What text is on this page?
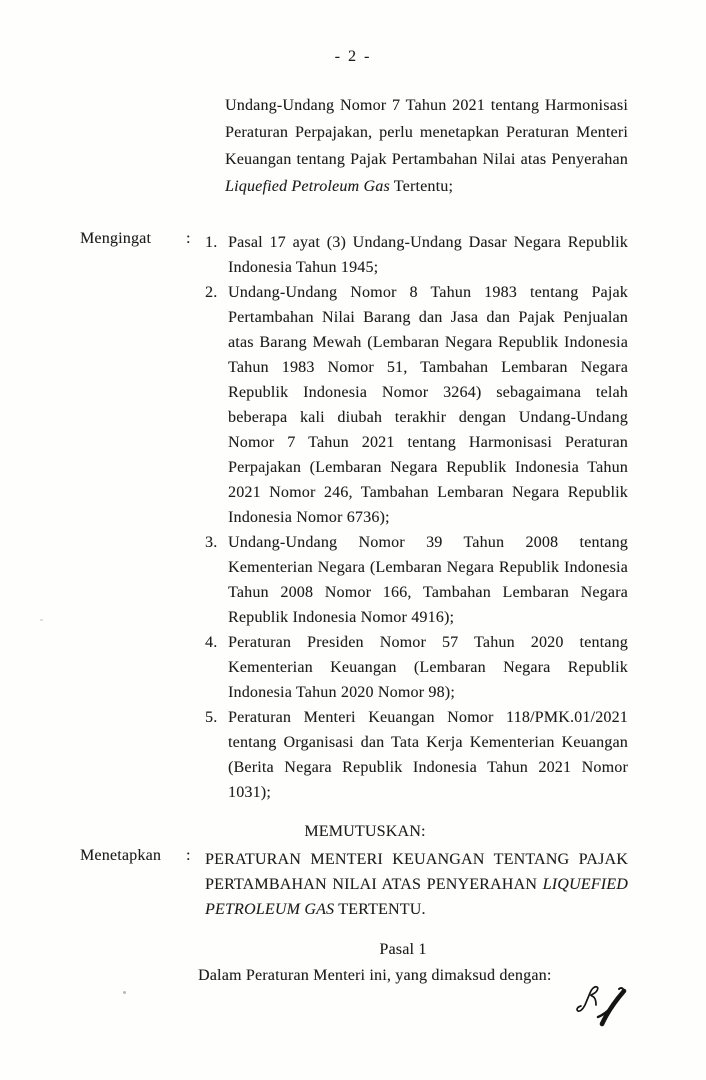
- 2 -

Undang-Undang Nomor 7 Tahun 2021 tentang Harmonisasi Peraturan Perpajakan, perlu menetapkan Peraturan Menteri Keuangan tentang Pajak Pertambahan Nilai atas Penyerahan Liquefied Petroleum Gas Tertentu;

Mengingat : 1. Pasal 17 ayat (3) Undang-Undang Dasar Negara Republik Indonesia Tahun 1945;
2. Undang-Undang Nomor 8 Tahun 1983 tentang Pajak Pertambahan Nilai Barang dan Jasa dan Pajak Penjualan atas Barang Mewah (Lembaran Negara Republik Indonesia Tahun 1983 Nomor 51, Tambahan Lembaran Negara Republik Indonesia Nomor 3264) sebagaimana telah beberapa kali diubah terakhir dengan Undang-Undang Nomor 7 Tahun 2021 tentang Harmonisasi Peraturan Perpajakan (Lembaran Negara Republik Indonesia Tahun 2021 Nomor 246, Tambahan Lembaran Negara Republik Indonesia Nomor 6736);
3. Undang-Undang Nomor 39 Tahun 2008 tentang Kementerian Negara (Lembaran Negara Republik Indonesia Tahun 2008 Nomor 166, Tambahan Lembaran Negara Republik Indonesia Nomor 4916);
4. Peraturan Presiden Nomor 57 Tahun 2020 tentang Kementerian Keuangan (Lembaran Negara Republik Indonesia Tahun 2020 Nomor 98);
5. Peraturan Menteri Keuangan Nomor 118/PMK.01/2021 tentang Organisasi dan Tata Kerja Kementerian Keuangan (Berita Negara Republik Indonesia Tahun 2021 Nomor 1031);
MEMUTUSKAN:
Menetapkan : PERATURAN MENTERI KEUANGAN TENTANG PAJAK PERTAMBAHAN NILAI ATAS PENYERAHAN LIQUEFIED PETROLEUM GAS TERTENTU.

Pasal 1

Dalam Peraturan Menteri ini, yang dimaksud dengan:
